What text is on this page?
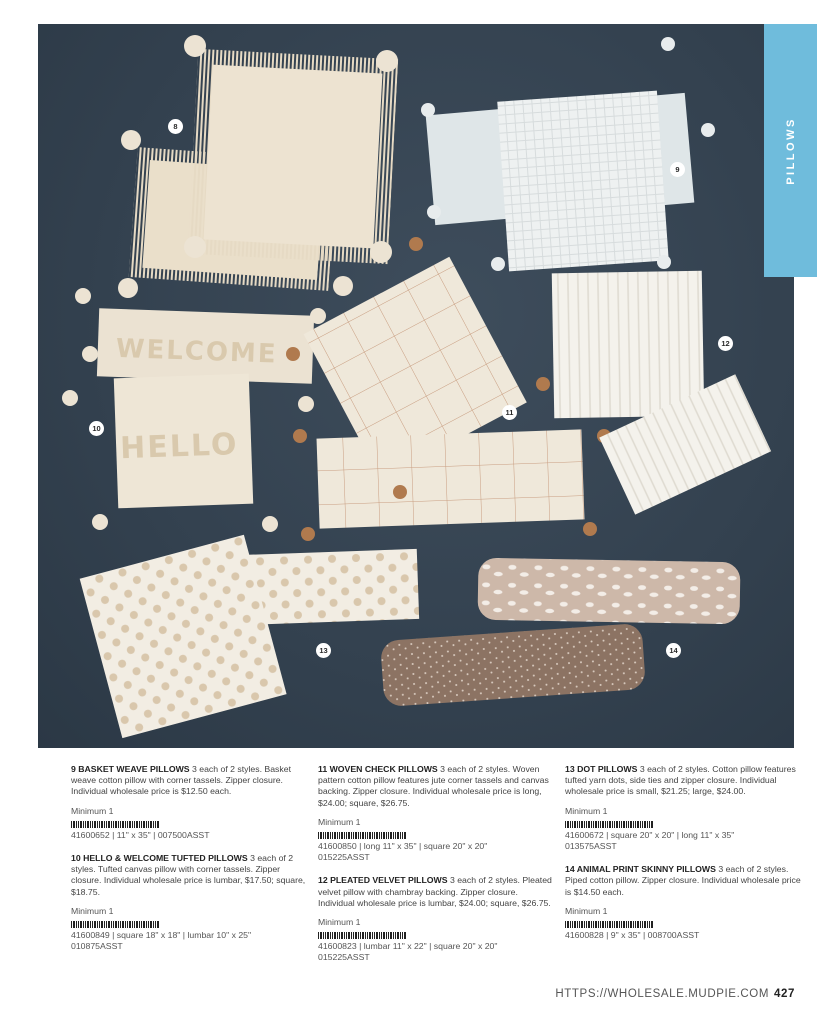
WELCOME
HELLO
8
9
10
11
12
13	14
PILLOWS
9 BASKET WEAVE PILLOWS 3 each of 2 styles. Basket weave cotton pillow with corner tassels. Zipper closure. Individual wholesale price is $12.50 each.
Minimum 1
41600652 | 11" x 35" | 007500ASST
10 HELLO & WELCOME TUFTED PILLOWS 3 each of 2 styles. Tufted canvas pillow with corner tassels. Zipper closure. Individual wholesale price is lumbar, $17.50; square, $18.75.
Minimum 1
41600849 | square 18" x 18" | lumbar 10" x 25"
010875ASST
11 WOVEN CHECK PILLOWS 3 each of 2 styles. Woven pattern cotton pillow features jute corner tassels and canvas backing. Zipper closure. Individual wholesale price is long, $24.00; square, $26.75.
Minimum 1
41600850 | long 11" x 35" | square 20" x 20"
015225ASST
12 PLEATED VELVET PILLOWS 3 each of 2 styles. Pleated velvet pillow with chambray backing. Zipper closure. Individual wholesale price is lumbar, $24.00; square, $26.75.
Minimum 1
41600823 | lumbar 11" x 22" | square 20" x 20"
015225ASST
13 DOT PILLOWS 3 each of 2 styles. Cotton pillow features tufted yarn dots, side ties and zipper closure. Individual wholesale price is small, $21.25; large, $24.00.
Minimum 1
41600672 | square 20" x 20" | long 11" x 35"
013575ASST
14 ANIMAL PRINT SKINNY PILLOWS 3 each of 2 styles. Piped cotton pillow. Zipper closure. Individual wholesale price is $14.50 each.
Minimum 1
41600828 | 9" x 35" | 008700ASST
HTTPS://WHOLESALE.MUDPIE.COM 427
